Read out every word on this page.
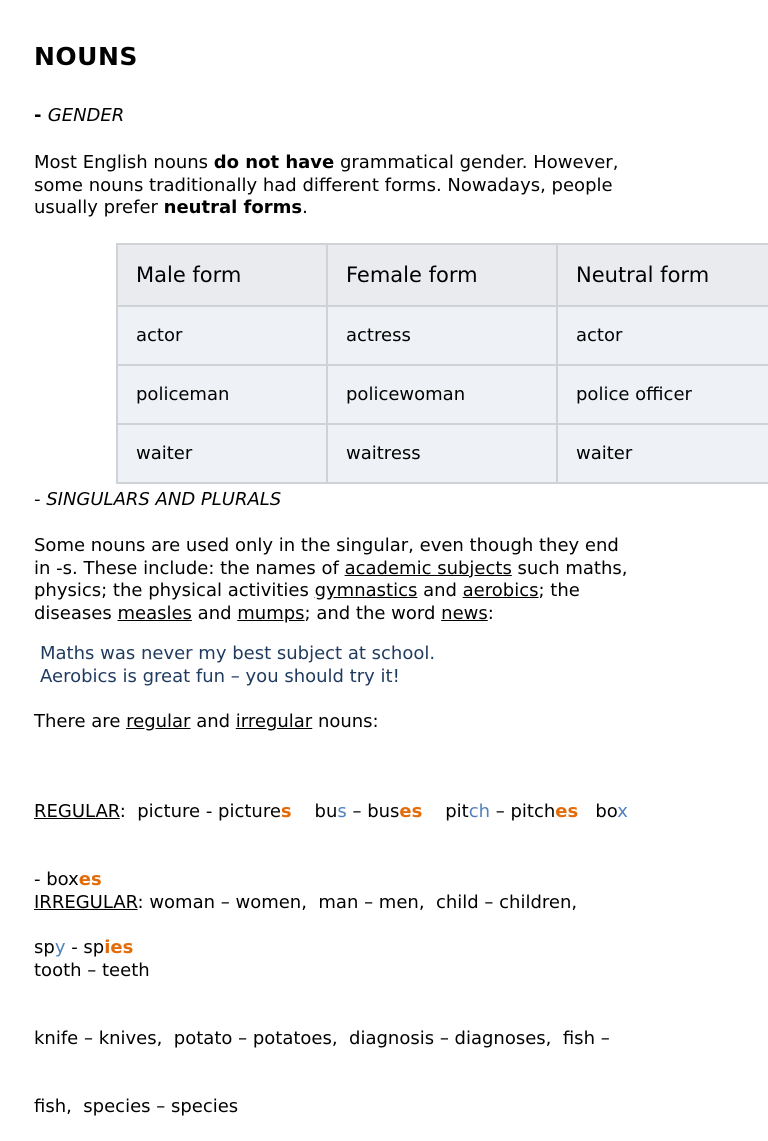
NOUNS
- GENDER
Most English nouns do not have grammatical gender. However,
some nouns traditionally had different forms. Nowadays, people
usually prefer neutral forms.
Male form	Female form	Neutral form
actor	actress	actor
policeman	policewoman	police officer
waiter	waitress	waiter
- SINGULARS AND PLURALS
Some nouns are used only in the singular, even though they end
in -s. These include: the names of academic subjects such maths,
physics; the physical activities gymnastics and aerobics; the
diseases measles and mumps; and the word news:
Maths was never my best subject at school.
Aerobics is great fun – you should try it!
There are regular and irregular nouns:

REGULAR:  picture - pictures bus – buses pitch – pitches box

- boxes

spy - spies

IRREGULAR: woman – women,  man – men,  child – children,

tooth – teeth

knife – knives,  potato – potatoes,  diagnosis – diagnoses,  fish –

fish,  species – species
